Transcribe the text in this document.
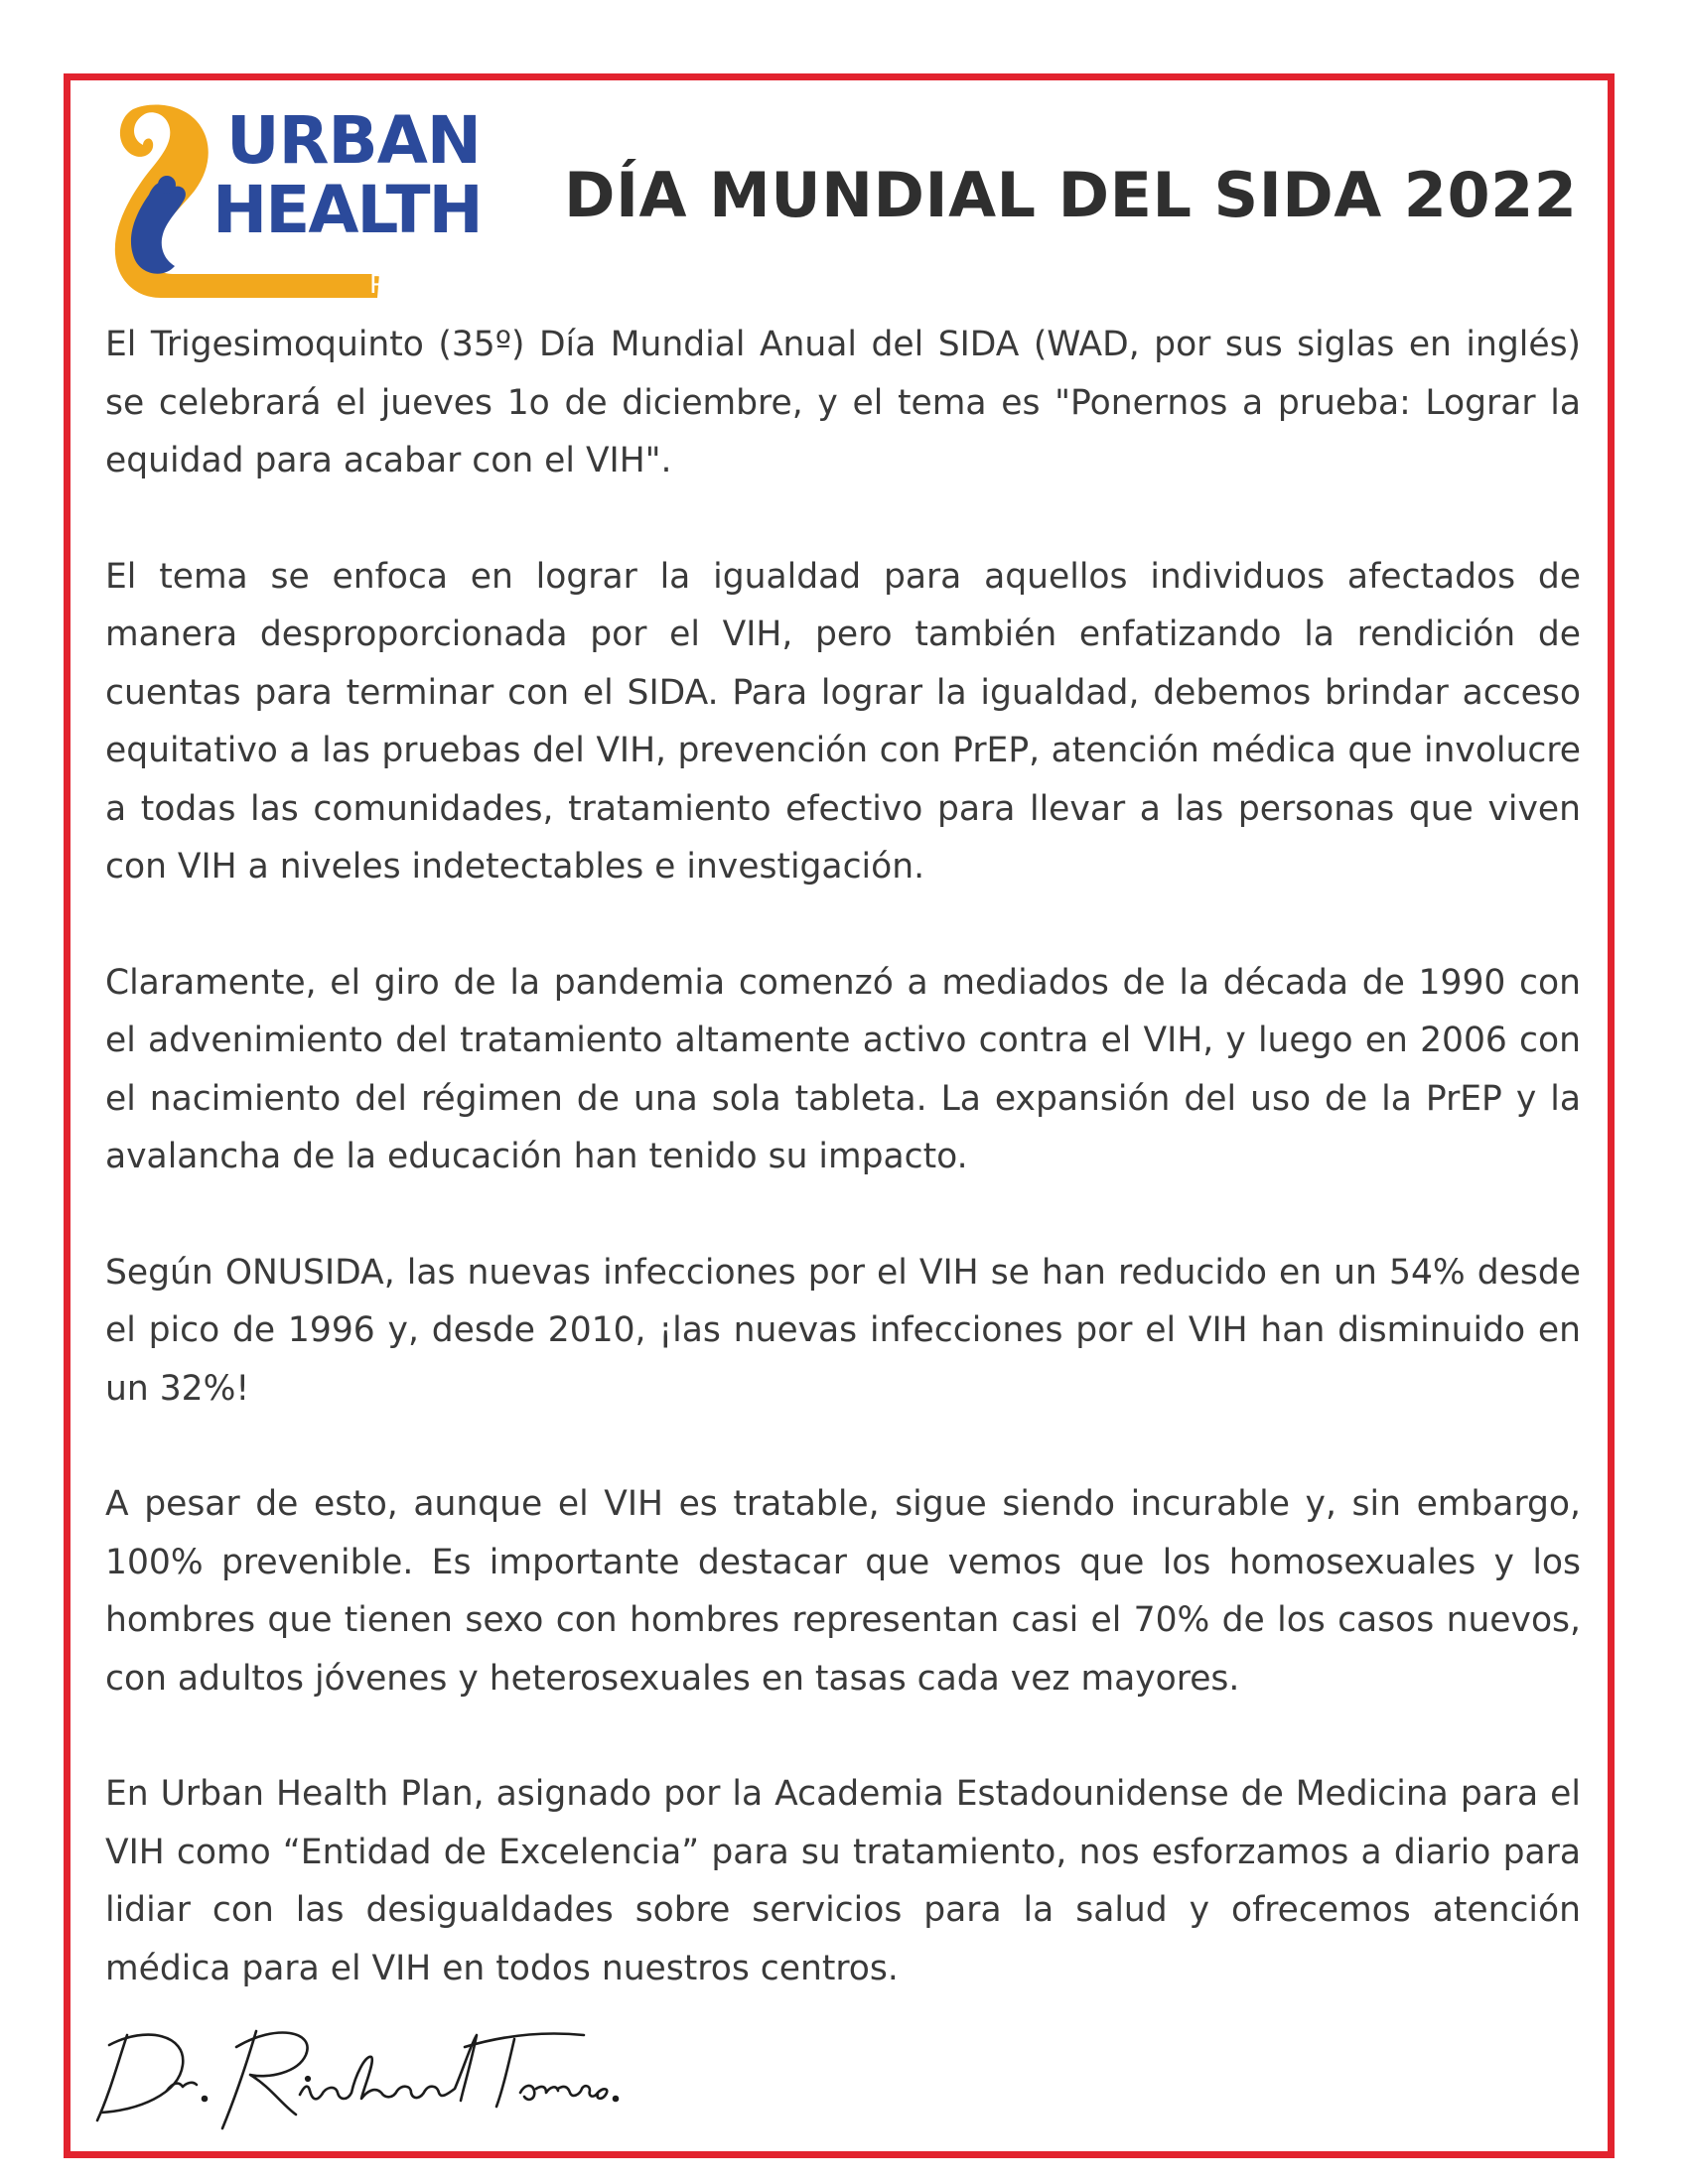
URBAN
HEALTH
PLAN
DÍA MUNDIAL DEL SIDA 2022

El Trigesimoquinto (35º) Día Mundial Anual del SIDA (WAD, por sus siglas en inglés) se celebrará el jueves 1o de diciembre, y el tema es "Ponernos a prueba: Lograr la equidad para acabar con el VIH".

El tema se enfoca en lograr la igualdad para aquellos individuos afectados de manera desproporcionada por el VIH, pero también enfatizando la rendición de cuentas para terminar con el SIDA. Para lograr la igualdad, debemos brindar acceso equitativo a las pruebas del VIH, prevención con PrEP, atención médica que involucre a todas las comunidades, tratamiento efectivo para llevar a las personas que viven con VIH a niveles indetectables e investigación.

Claramente, el giro de la pandemia comenzó a mediados de la década de 1990 con el advenimiento del tratamiento altamente activo contra el VIH, y luego en 2006 con el nacimiento del régimen de una sola tableta. La expansión del uso de la PrEP y la avalancha de la educación han tenido su impacto.

Según ONUSIDA, las nuevas infecciones por el VIH se han reducido en un 54% desde el pico de 1996 y, desde 2010, ¡las nuevas infecciones por el VIH han disminuido en un 32%!

A pesar de esto, aunque el VIH es tratable, sigue siendo incurable y, sin embargo, 100% prevenible. Es importante destacar que vemos que los homosexuales y los hombres que tienen sexo con hombres representan casi el 70% de los casos nuevos, con adultos jóvenes y heterosexuales en tasas cada vez mayores.

En Urban Health Plan, asignado por la Academia Estadounidense de Medicina para el VIH como “Entidad de Excelencia” para su tratamiento, nos esforzamos a diario para lidiar con las desigualdades sobre servicios para la salud y ofrecemos atención médica para el VIH en todos nuestros centros.
